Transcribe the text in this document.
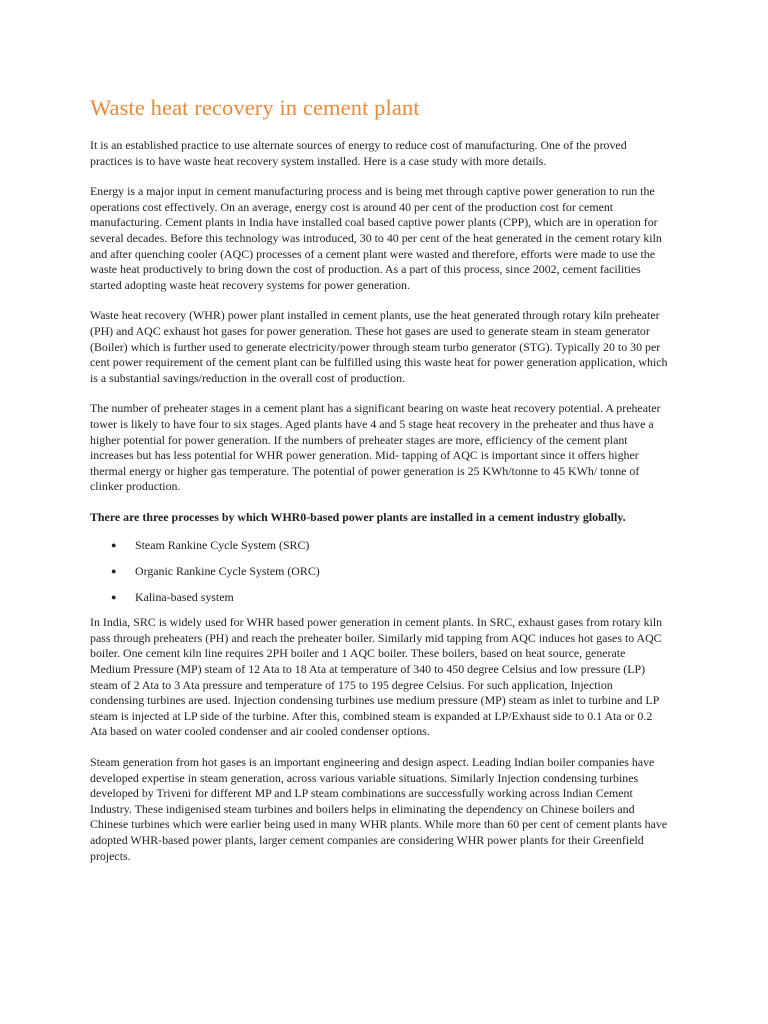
Waste heat recovery in cement plant

It is an established practice to use alternate sources of energy to reduce cost of manufacturing. One of the proved practices is to have waste heat recovery system installed. Here is a case study with more details.

Energy is a major input in cement manufacturing process and is being met through captive power generation to run the operations cost effectively. On an average, energy cost is around 40 per cent of the production cost for cement manufacturing. Cement plants in India have installed coal based captive power plants (CPP), which are in operation for several decades. Before this technology was introduced, 30 to 40 per cent of the heat generated in the cement rotary kiln and after quenching cooler (AQC) processes of a cement plant were wasted and therefore, efforts were made to use the waste heat productively to bring down the cost of production. As a part of this process, since 2002, cement facilities started adopting waste heat recovery systems for power generation.

Waste heat recovery (WHR) power plant installed in cement plants, use the heat generated through rotary kiln preheater (PH) and AQC exhaust hot gases for power generation. These hot gases are used to generate steam in steam generator (Boiler) which is further used to generate electricity/power through steam turbo generator (STG). Typically 20 to 30 per cent power requirement of the cement plant can be fulfilled using this waste heat for power generation application, which is a substantial savings/reduction in the overall cost of production.

The number of preheater stages in a cement plant has a significant bearing on waste heat recovery potential. A preheater tower is likely to have four to six stages. Aged plants have 4 and 5 stage heat recovery in the preheater and thus have a higher potential for power generation. If the numbers of preheater stages are more, efficiency of the cement plant increases but has less potential for WHR power generation. Mid- tapping of AQC is important since it offers higher thermal energy or higher gas temperature. The potential of power generation is 25 KWh/tonne to 45 KWh/ tonne of clinker production.

There are three processes by which WHR0-based power plants are installed in a cement industry globally.

● Steam Rankine Cycle System (SRC)
● Organic Rankine Cycle System (ORC)
● Kalina-based system

In India, SRC is widely used for WHR based power generation in cement plants. In SRC, exhaust gases from rotary kiln pass through preheaters (PH) and reach the preheater boiler. Similarly mid tapping from AQC induces hot gases to AQC boiler. One cement kiln line requires 2PH boiler and 1 AQC boiler. These boilers, based on heat source, generate Medium Pressure (MP) steam of 12 Ata to 18 Ata at temperature of 340 to 450 degree Celsius and low pressure (LP) steam of 2 Ata to 3 Ata pressure and temperature of 175 to 195 degree Celsius. For such application, Injection condensing turbines are used. Injection condensing turbines use medium pressure (MP) steam as inlet to turbine and LP steam is injected at LP side of the turbine. After this, combined steam is expanded at LP/Exhaust side to 0.1 Ata or 0.2 Ata based on water cooled condenser and air cooled condenser options.

Steam generation from hot gases is an important engineering and design aspect. Leading Indian boiler companies have developed expertise in steam generation, across various variable situations. Similarly Injection condensing turbines developed by Triveni for different MP and LP steam combinations are successfully working across Indian Cement Industry. These indigenised steam turbines and boilers helps in eliminating the dependency on Chinese boilers and Chinese turbines which were earlier being used in many WHR plants. While more than 60 per cent of cement plants have adopted WHR-based power plants, larger cement companies are considering WHR power plants for their Greenfield projects.
